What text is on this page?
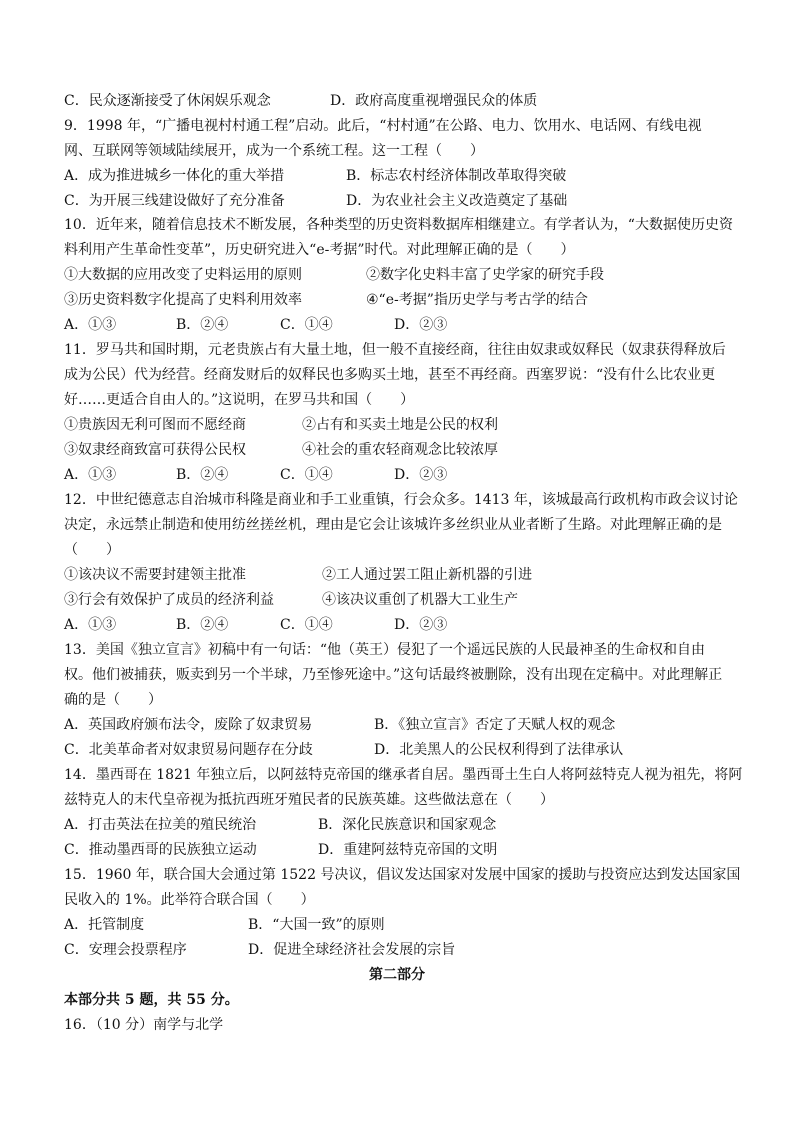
C．民众逐渐接受了休闲娱乐观念	D．政府高度重视增强民众的体质
9．1998 年，“广播电视村村通工程”启动。此后，“村村通”在公路、电力、饮用水、电话网、有线电视
网、互联网等领域陆续展开，成为一个系统工程。这一工程（　　）
A．成为推进城乡一体化的重大举措	B．标志农村经济体制改革取得突破
C．为开展三线建设做好了充分准备	D．为农业社会主义改造奠定了基础
10．近年来，随着信息技术不断发展，各种类型的历史资料数据库相继建立。有学者认为，“大数据使历史资
料利用产生革命性变革”，历史研究进入“e-考据”时代。对此理解正确的是（　　）
①大数据的应用改变了史料运用的原则	②数字化史料丰富了史学家的研究手段
③历史资料数字化提高了史料利用效率	④“e-考据”指历史学与考古学的结合
A．①③	B．②④	C．①④	D．②③
11．罗马共和国时期，元老贵族占有大量土地，但一般不直接经商，往往由奴隶或奴释民（奴隶获得释放后
成为公民）代为经营。经商发财后的奴释民也多购买土地，甚至不再经商。西塞罗说：“没有什么比农业更
好……更适合自由人的。”这说明，在罗马共和国（　　）
①贵族因无利可图而不愿经商	②占有和买卖土地是公民的权利
③奴隶经商致富可获得公民权	④社会的重农轻商观念比较浓厚
A．①③	B．②④	C．①④	D．②③
12．中世纪德意志自治城市科隆是商业和手工业重镇，行会众多。1413 年，该城最高行政机构市政会议讨论
决定，永远禁止制造和使用纺丝搓丝机，理由是它会让该城许多丝织业从业者断了生路。对此理解正确的是
（　　）
①该决议不需要封建领主批准	②工人通过罢工阻止新机器的引进
③行会有效保护了成员的经济利益	④该决议重创了机器大工业生产
A．①③	B．②④	C．①④	D．②③
13．美国《独立宣言》初稿中有一句话：“他（英王）侵犯了一个遥远民族的人民最神圣的生命权和自由
权。他们被捕获，贩卖到另一个半球，乃至惨死途中。”这句话最终被删除，没有出现在定稿中。对此理解正
确的是（　　）
A．英国政府颁布法令，废除了奴隶贸易	B．《独立宣言》否定了天赋人权的观念
C．北美革命者对奴隶贸易问题存在分歧	D．北美黑人的公民权利得到了法律承认
14．墨西哥在 1821 年独立后，以阿兹特克帝国的继承者自居。墨西哥土生白人将阿兹特克人视为祖先，将阿
兹特克人的末代皇帝视为抵抗西班牙殖民者的民族英雄。这些做法意在（　　）
A．打击英法在拉美的殖民统治	B．深化民族意识和国家观念
C．推动墨西哥的民族独立运动	D．重建阿兹特克帝国的文明
15．1960 年，联合国大会通过第 1522 号决议，倡议发达国家对发展中国家的援助与投资应达到发达国家国
民收入的 1%。此举符合联合国（　　）
A．托管制度	B．“大国一致”的原则
C．安理会投票程序	D．促进全球经济社会发展的宗旨
第二部分
本部分共 5 题，共 55 分。
16．（10 分）南学与北学
